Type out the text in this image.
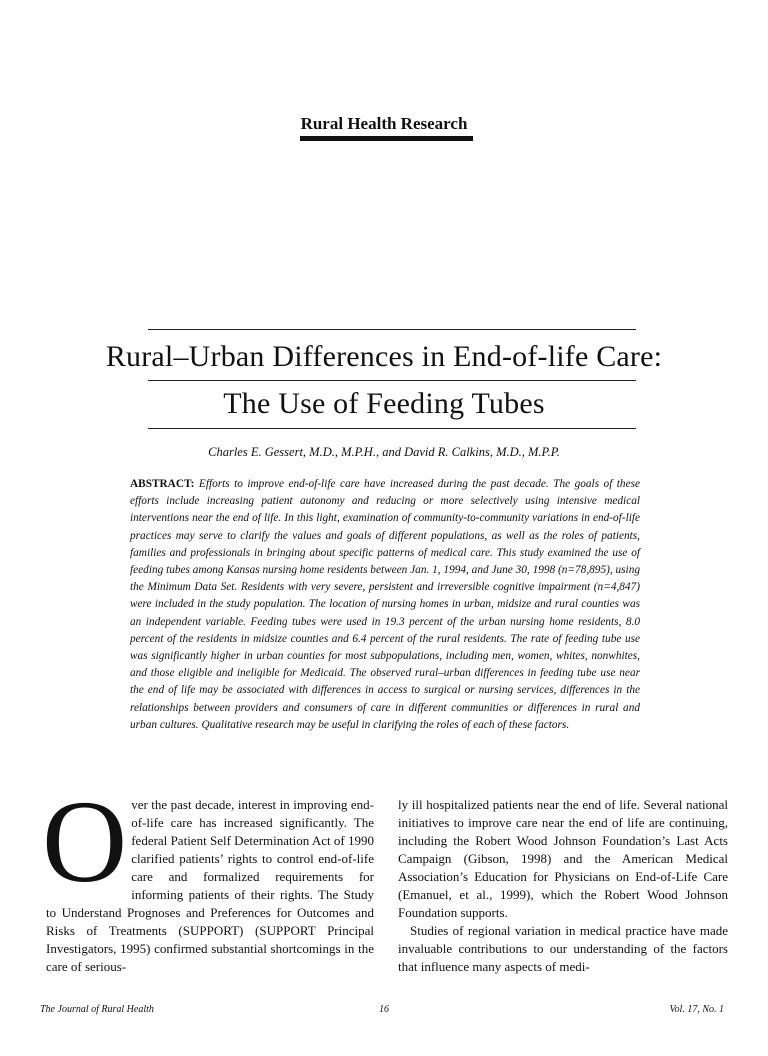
Rural Health Research
Rural–Urban Differences in End-of-life Care:
The Use of Feeding Tubes
Charles E. Gessert, M.D., M.P.H., and David R. Calkins, M.D., M.P.P.

ABSTRACT: Efforts to improve end-of-life care have increased during the past decade. The goals of these efforts include increasing patient autonomy and reducing or more selectively using intensive medical interventions near the end of life. In this light, examination of community-to-community variations in end-of-life practices may serve to clarify the values and goals of different populations, as well as the roles of patients, families and professionals in bringing about specific patterns of medical care. This study examined the use of feeding tubes among Kansas nursing home residents between Jan. 1, 1994, and June 30, 1998 (n=78,895), using the Minimum Data Set. Residents with very severe, persistent and irreversible cognitive impairment (n=4,847) were included in the study population. The location of nursing homes in urban, midsize and rural counties was an independent variable. Feeding tubes were used in 19.3 percent of the urban nursing home residents, 8.0 percent of the residents in midsize counties and 6.4 percent of the rural residents. The rate of feeding tube use was significantly higher in urban counties for most subpopulations, including men, women, whites, nonwhites, and those eligible and ineligible for Medicaid. The observed rural–urban differences in feeding tube use near the end of life may be associated with differences in access to surgical or nursing services, differences in the relationships between providers and consumers of care in different communities or differences in rural and urban cultures. Qualitative research may be useful in clarifying the roles of each of these factors.

Over the past decade, interest in improving end-of-life care has increased significantly. The federal Patient Self Determination Act of 1990 clarified patients’ rights to control end-of-life care and formalized requirements for informing patients of their rights. The Study to Understand Prognoses and Preferences for Outcomes and Risks of Treatments (SUPPORT) (SUPPORT Principal Investigators, 1995) confirmed substantial shortcomings in the care of serious-

ly ill hospitalized patients near the end of life. Several national initiatives to improve care near the end of life are continuing, including the Robert Wood Johnson Foundation’s Last Acts Campaign (Gibson, 1998) and the American Medical Association’s Education for Physicians on End-of-Life Care (Emanuel, et al., 1999), which the Robert Wood Johnson Foundation supports.
Studies of regional variation in medical practice have made invaluable contributions to our understanding of the factors that influence many aspects of medi-

The Journal of Rural Health	16	Vol. 17, No. 1
